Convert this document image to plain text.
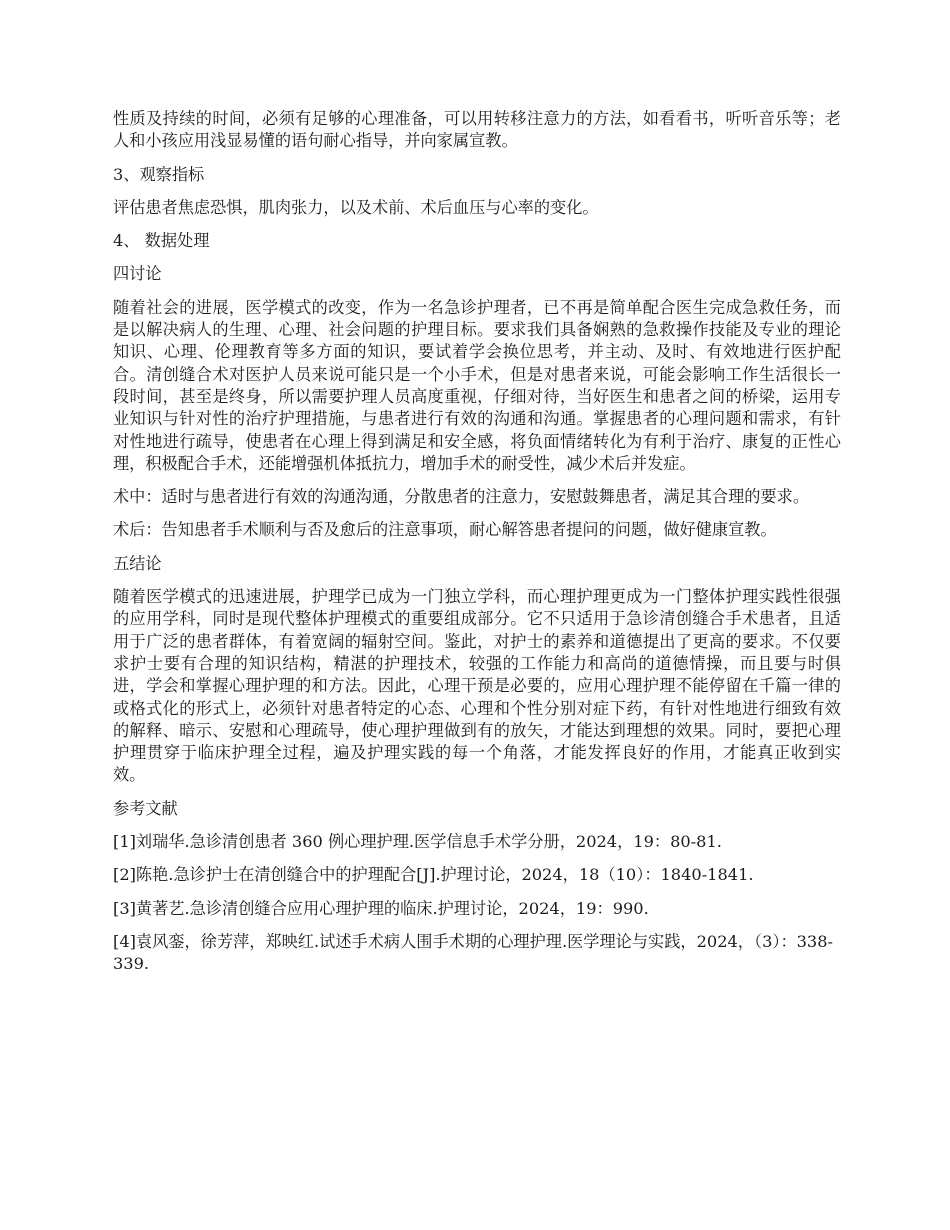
性质及持续的时间，必须有足够的心理准备，可以用转移注意力的方法，如看看书，听听音乐等；老人和小孩应用浅显易懂的语句耐心指导，并向家属宣教。

3、观察指标

评估患者焦虑恐惧，肌肉张力，以及术前、术后血压与心率的变化。

4、 数据处理

四讨论

随着社会的进展，医学模式的改变，作为一名急诊护理者，已不再是简单配合医生完成急救任务，而是以解决病人的生理、心理、社会问题的护理目标。要求我们具备娴熟的急救操作技能及专业的理论知识、心理、伦理教育等多方面的知识，要试着学会换位思考，并主动、及时、有效地进行医护配合。清创缝合术对医护人员来说可能只是一个小手术，但是对患者来说，可能会影响工作生活很长一段时间，甚至是终身，所以需要护理人员高度重视，仔细对待，当好医生和患者之间的桥梁，运用专业知识与针对性的治疗护理措施，与患者进行有效的沟通和沟通。掌握患者的心理问题和需求，有针对性地进行疏导，使患者在心理上得到满足和安全感，将负面情绪转化为有利于治疗、康复的正性心理，积极配合手术，还能增强机体抵抗力，增加手术的耐受性，减少术后并发症。

术中：适时与患者进行有效的沟通沟通，分散患者的注意力，安慰鼓舞患者，满足其合理的要求。

术后：告知患者手术顺利与否及愈后的注意事项，耐心解答患者提问的问题，做好健康宣教。

五结论

随着医学模式的迅速进展，护理学已成为一门独立学科，而心理护理更成为一门整体护理实践性很强的应用学科，同时是现代整体护理模式的重要组成部分。它不只适用于急诊清创缝合手术患者，且适用于广泛的患者群体，有着宽阔的辐射空间。鉴此，对护士的素养和道德提出了更高的要求。不仅要求护士要有合理的知识结构，精湛的护理技术，较强的工作能力和高尚的道德情操，而且要与时俱进，学会和掌握心理护理的和方法。因此，心理干预是必要的，应用心理护理不能停留在千篇一律的或格式化的形式上，必须针对患者特定的心态、心理和个性分别对症下药，有针对性地进行细致有效的解释、暗示、安慰和心理疏导，使心理护理做到有的放矢，才能达到理想的效果。同时，要把心理护理贯穿于临床护理全过程，遍及护理实践的每一个角落，才能发挥良好的作用，才能真正收到实效。

参考文献

[1]刘瑞华.急诊清创患者 360 例心理护理.医学信息手术学分册，2024，19：80-81.

[2]陈艳.急诊护士在清创缝合中的护理配合[J].护理讨论，2024，18（10）：1840-1841.

[3]黄著艺.急诊清创缝合应用心理护理的临床.护理讨论，2024，19：990.

[4]袁风銮，徐芳萍，郑映红.试述手术病人围手术期的心理护理.医学理论与实践，2024，（3）：338-339.
